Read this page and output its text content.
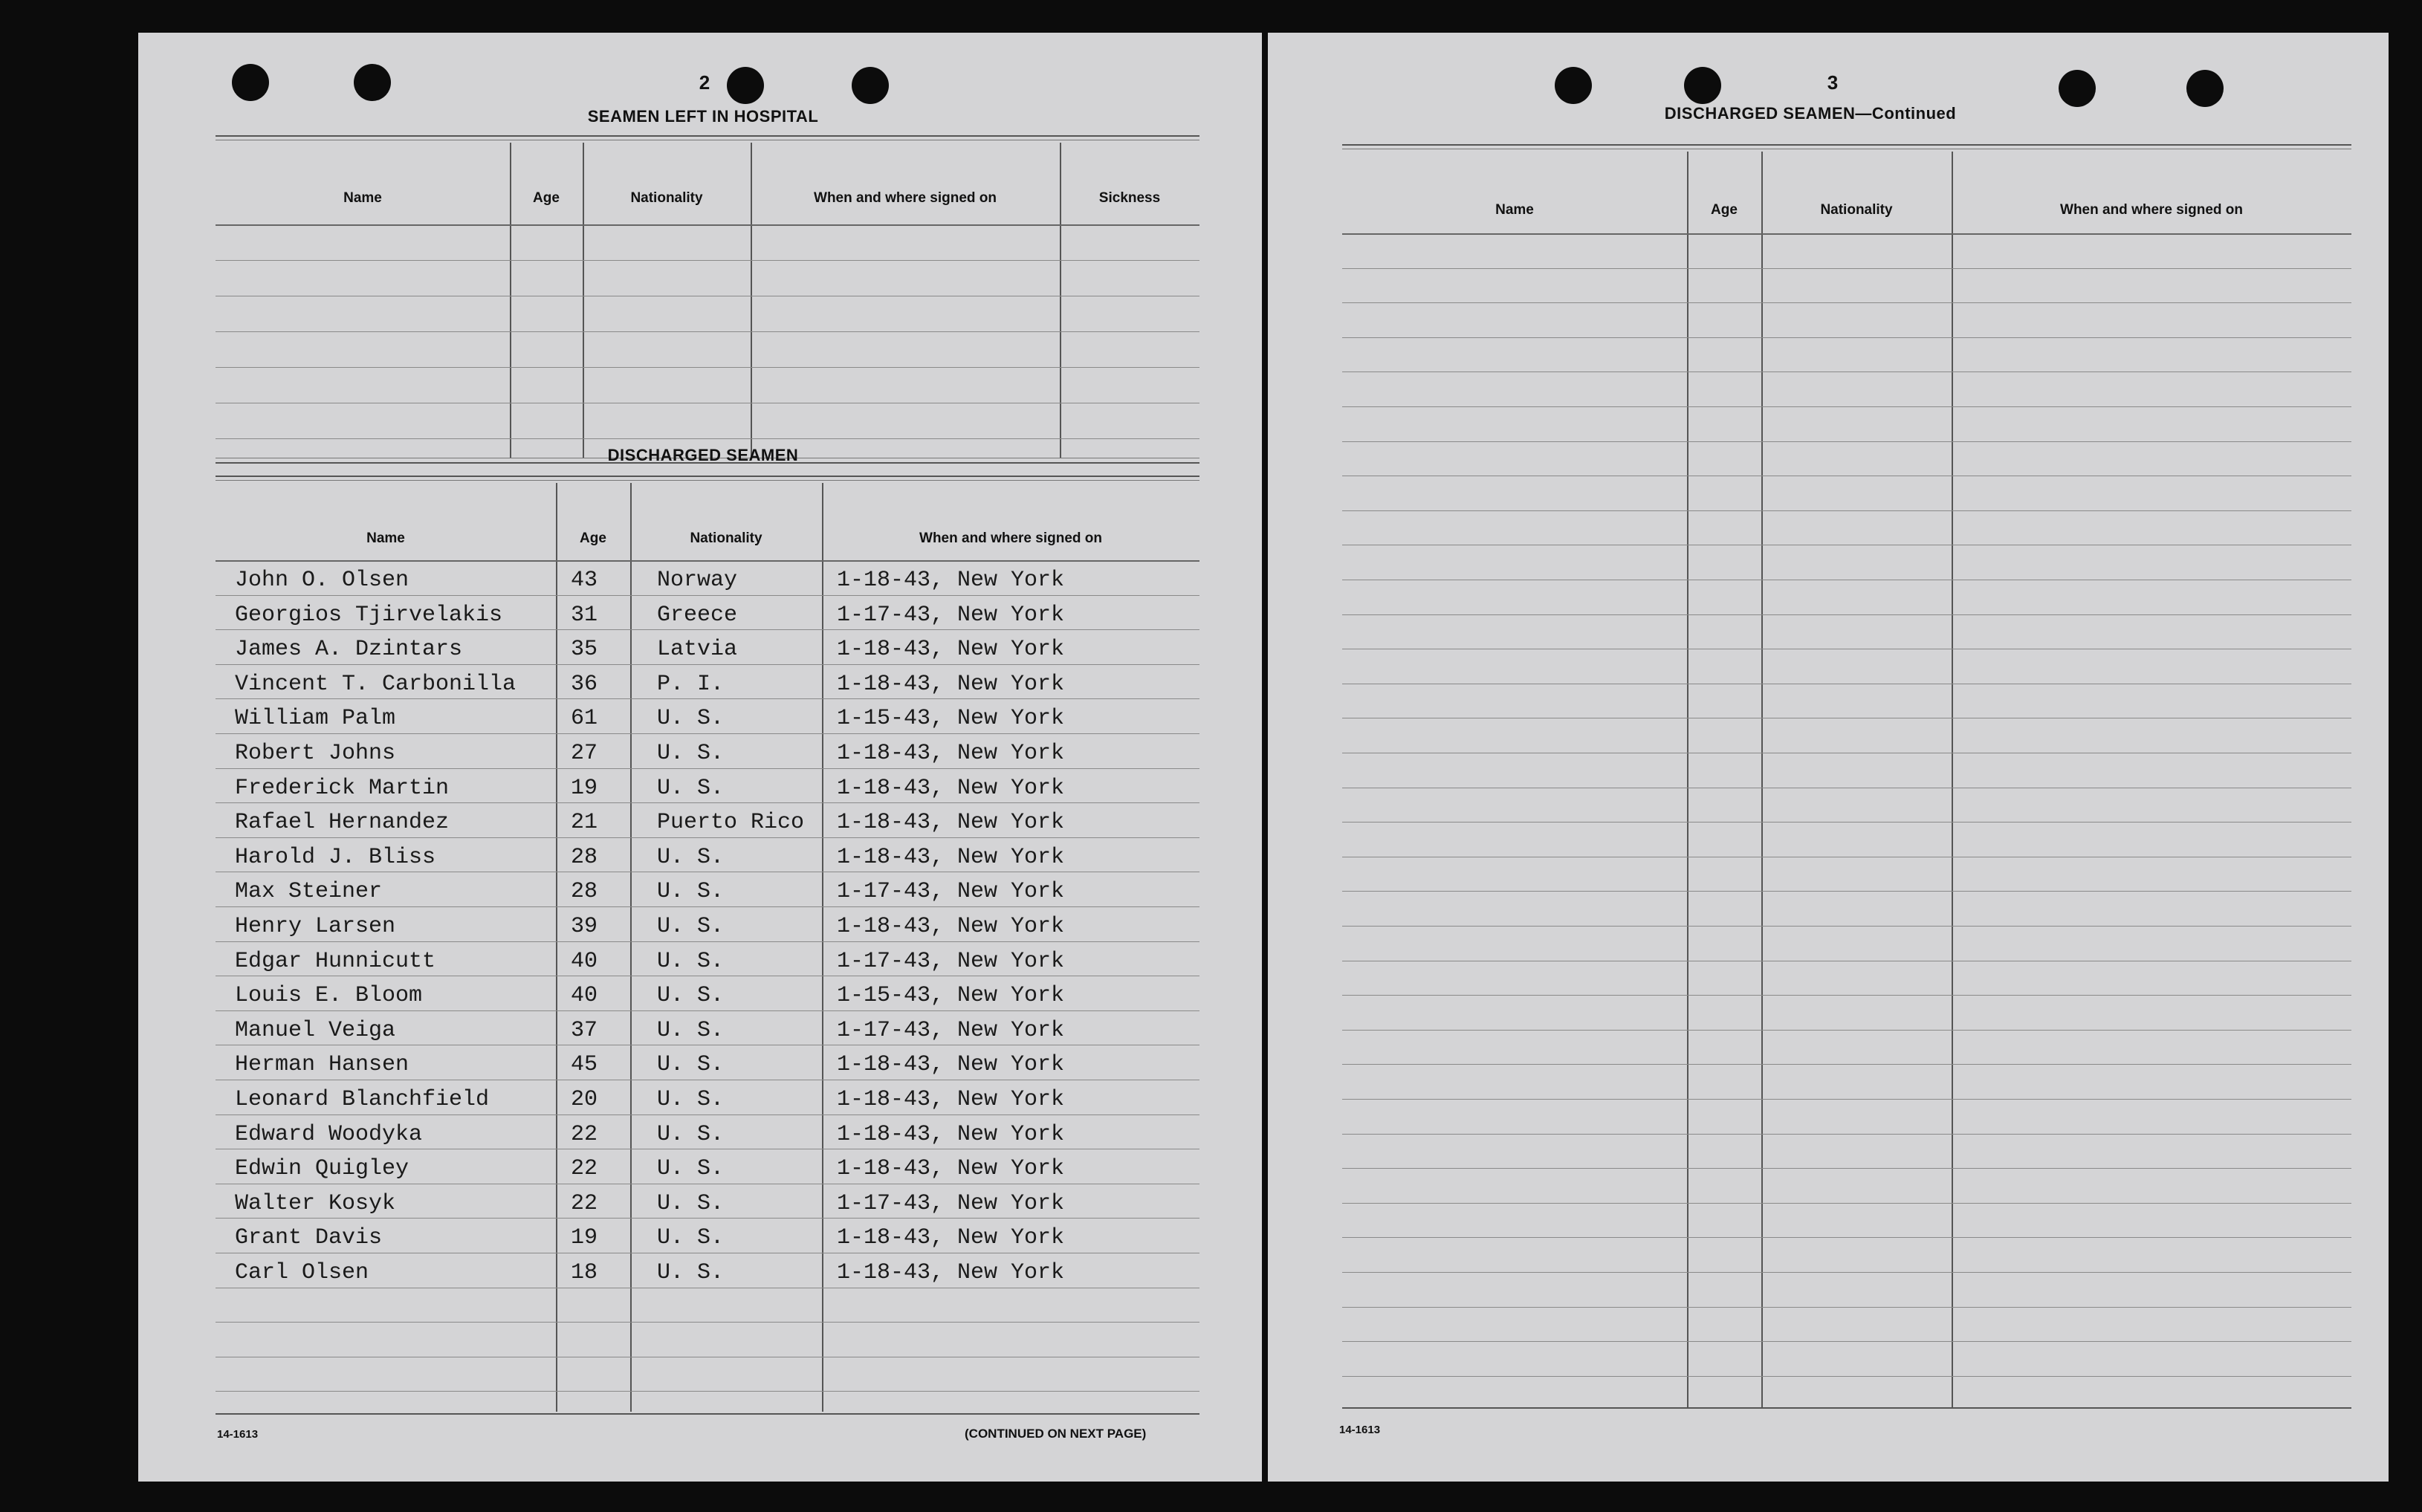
2
SEAMEN LEFT IN HOSPITAL
Name	Age	Nationality	When and where signed on	Sickness
DISCHARGED SEAMEN
Name	Age	Nationality	When and where signed on
John O. Olsen	43	Norway	1-18-43, New York
Georgios Tjirvelakis	31	Greece	1-17-43, New York
James A. Dzintars	35	Latvia	1-18-43, New York
Vincent T. Carbonilla 36	P. I.	1-18-43, New York
William Palm	61	U. S.	1-15-43, New York
Robert Johns	27	U. S.	1-18-43, New York
Frederick Martin	19	U. S.	1-18-43, New York
Rafael Hernandez	21	Puerto Rico 1-18-43, New York
Harold J. Bliss	28	U. S.	1-18-43, New York
Max Steiner	28	U. S.	1-17-43, New York
Henry Larsen	39	U. S.	1-18-43, New York
Edgar Hunnicutt	40	U. S.	1-17-43, New York
Louis E. Bloom	40	U. S.	1-15-43, New York
Manuel Veiga	37	U. S.	1-17-43, New York
Herman Hansen	45	U. S.	1-18-43, New York
Leonard Blanchfield	20	U. S.	1-18-43, New York
Edward Woodyka	22	U. S.	1-18-43, New York
Edwin Quigley	22	U. S.	1-18-43, New York
Walter Kosyk	22	U. S.	1-17-43, New York
Grant Davis	19	U. S.	1-18-43, New York
Carl Olsen	18	U. S.	1-18-43, New York
14-1613	(CONTINUED ON NEXT PAGE)
3
DISCHARGED SEAMEN—Continued
Name	Age	Nationality	When and where signed on
14-1613
